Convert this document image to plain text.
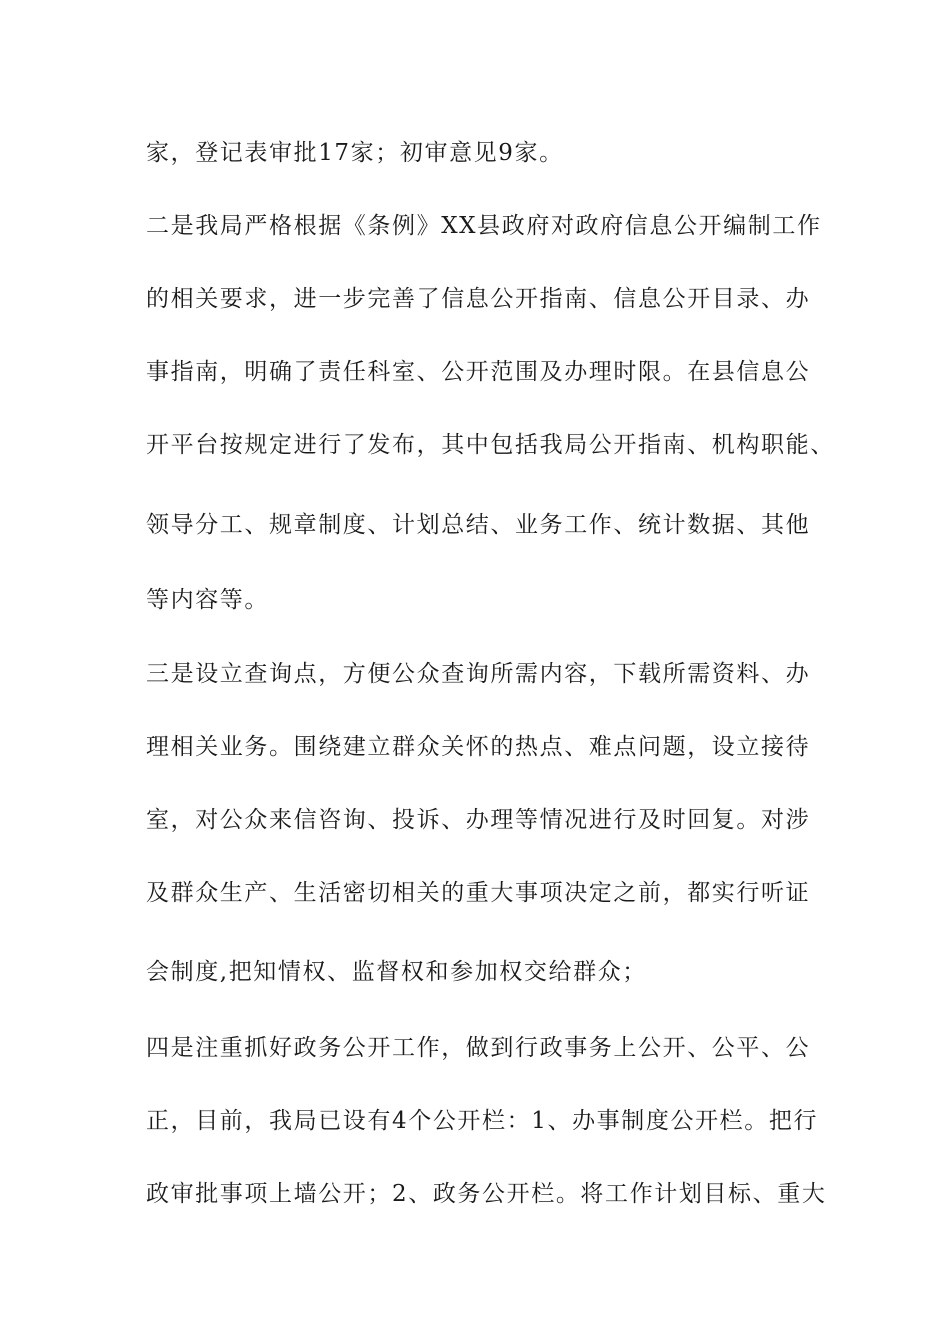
家，登记表审批17家；初审意见9家。
二是我局严格根据《条例》XX县政府对政府信息公开编制工作
的相关要求，进一步完善了信息公开指南、信息公开目录、办
事指南，明确了责任科室、公开范围及办理时限。在县信息公
开平台按规定进行了发布，其中包括我局公开指南、机构职能、
领导分工、规章制度、计划总结、业务工作、统计数据、其他
等内容等。
三是设立查询点，方便公众查询所需内容，下载所需资料、办
理相关业务。围绕建立群众关怀的热点、难点问题，设立接待
室，对公众来信咨询、投诉、办理等情况进行及时回复。对涉
及群众生产、生活密切相关的重大事项决定之前，都实行听证
会制度,把知情权、监督权和参加权交给群众；
四是注重抓好政务公开工作，做到行政事务上公开、公平、公
正，目前，我局已设有4个公开栏：1、办事制度公开栏。把行
政审批事项上墙公开；2、政务公开栏。将工作计划目标、重大
